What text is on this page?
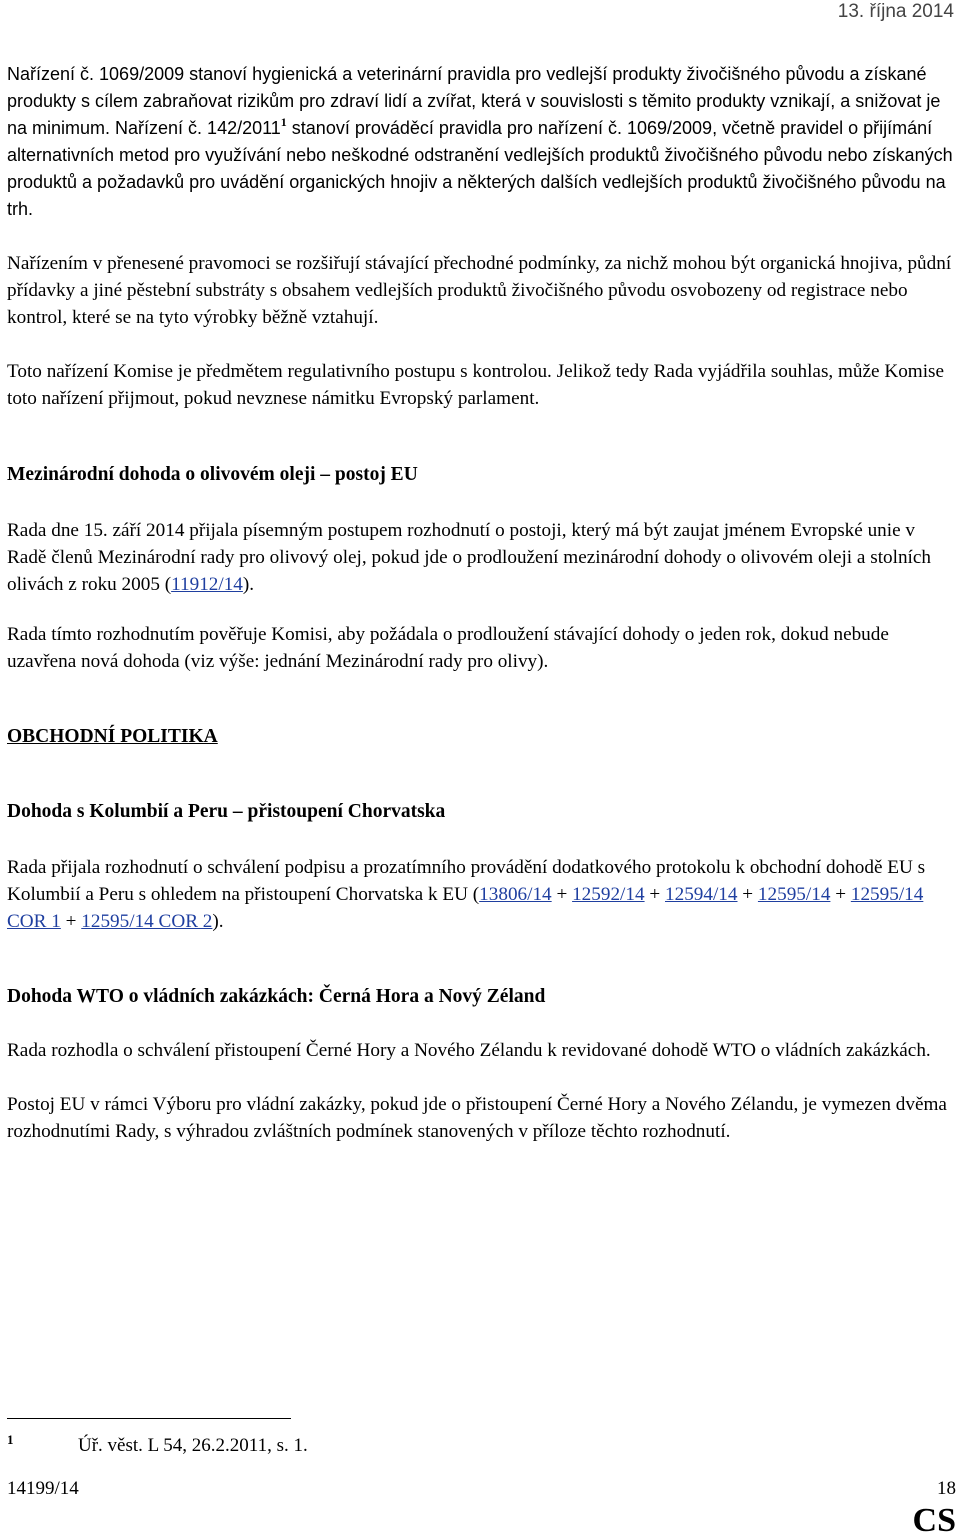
13. října 2014

Nařízení č. 1069/2009 stanoví hygienická a veterinární pravidla pro vedlejší produkty živočišného původu a získané produkty s cílem zabraňovat rizikům pro zdraví lidí a zvířat, která v souvislosti s těmito produkty vznikají, a snižovat je na minimum. Nařízení č. 142/2011$^1$ stanoví prováděcí pravidla pro nařízení č. 1069/2009, včetně pravidel o přijímání alternativních metod pro využívání nebo neškodné odstranění vedlejších produktů živočišného původu nebo získaných produktů a požadavků pro uvádění organických hnojiv a některých dalších vedlejších produktů živočišného původu na trh.

Nařízením v přenesené pravomoci se rozšiřují stávající přechodné podmínky, za nichž mohou být organická hnojiva, půdní přídavky a jiné pěstební substráty s obsahem vedlejších produktů živočišného původu osvobozeny od registrace nebo kontrol, které se na tyto výrobky běžně vztahují.

Toto nařízení Komise je předmětem regulativního postupu s kontrolou. Jelikož tedy Rada vyjádřila souhlas, může Komise toto nařízení přijmout, pokud nevznese námitku Evropský parlament.

Mezinárodní dohoda o olivovém oleji – postoj EU

Rada dne 15. září 2014 přijala písemným postupem rozhodnutí o postoji, který má být zaujat jménem Evropské unie v Radě členů Mezinárodní rady pro olivový olej, pokud jde o prodloužení mezinárodní dohody o olivovém oleji a stolních olivách z roku 2005 (11912/14).

Rada tímto rozhodnutím pověřuje Komisi, aby požádala o prodloužení stávající dohody o jeden rok, dokud nebude uzavřena nová dohoda (viz výše: jednání Mezinárodní rady pro olivy).

OBCHODNÍ POLITIKA

Dohoda s Kolumbií a Peru – přistoupení Chorvatska

Rada přijala rozhodnutí o schválení podpisu a prozatímního provádění dodatkového protokolu k obchodní dohodě EU s Kolumbií a Peru s ohledem na přistoupení Chorvatska k EU (13806/14 + 12592/14 + 12594/14 + 12595/14 + 12595/14 COR 1 + 12595/14 COR 2).

Dohoda WTO o vládních zakázkách: Černá Hora a Nový Zéland

Rada rozhodla o schválení přistoupení Černé Hory a Nového Zélandu k revidované dohodě WTO o vládních zakázkách.

Postoj EU v rámci Výboru pro vládní zakázky, pokud jde o přistoupení Černé Hory a Nového Zélandu, je vymezen dvěma rozhodnutími Rady, s výhradou zvláštních podmínek stanovených v příloze těchto rozhodnutí.

1	Úř. věst. L 54, 26.2.2011, s. 1.
14199/14	18
CS
